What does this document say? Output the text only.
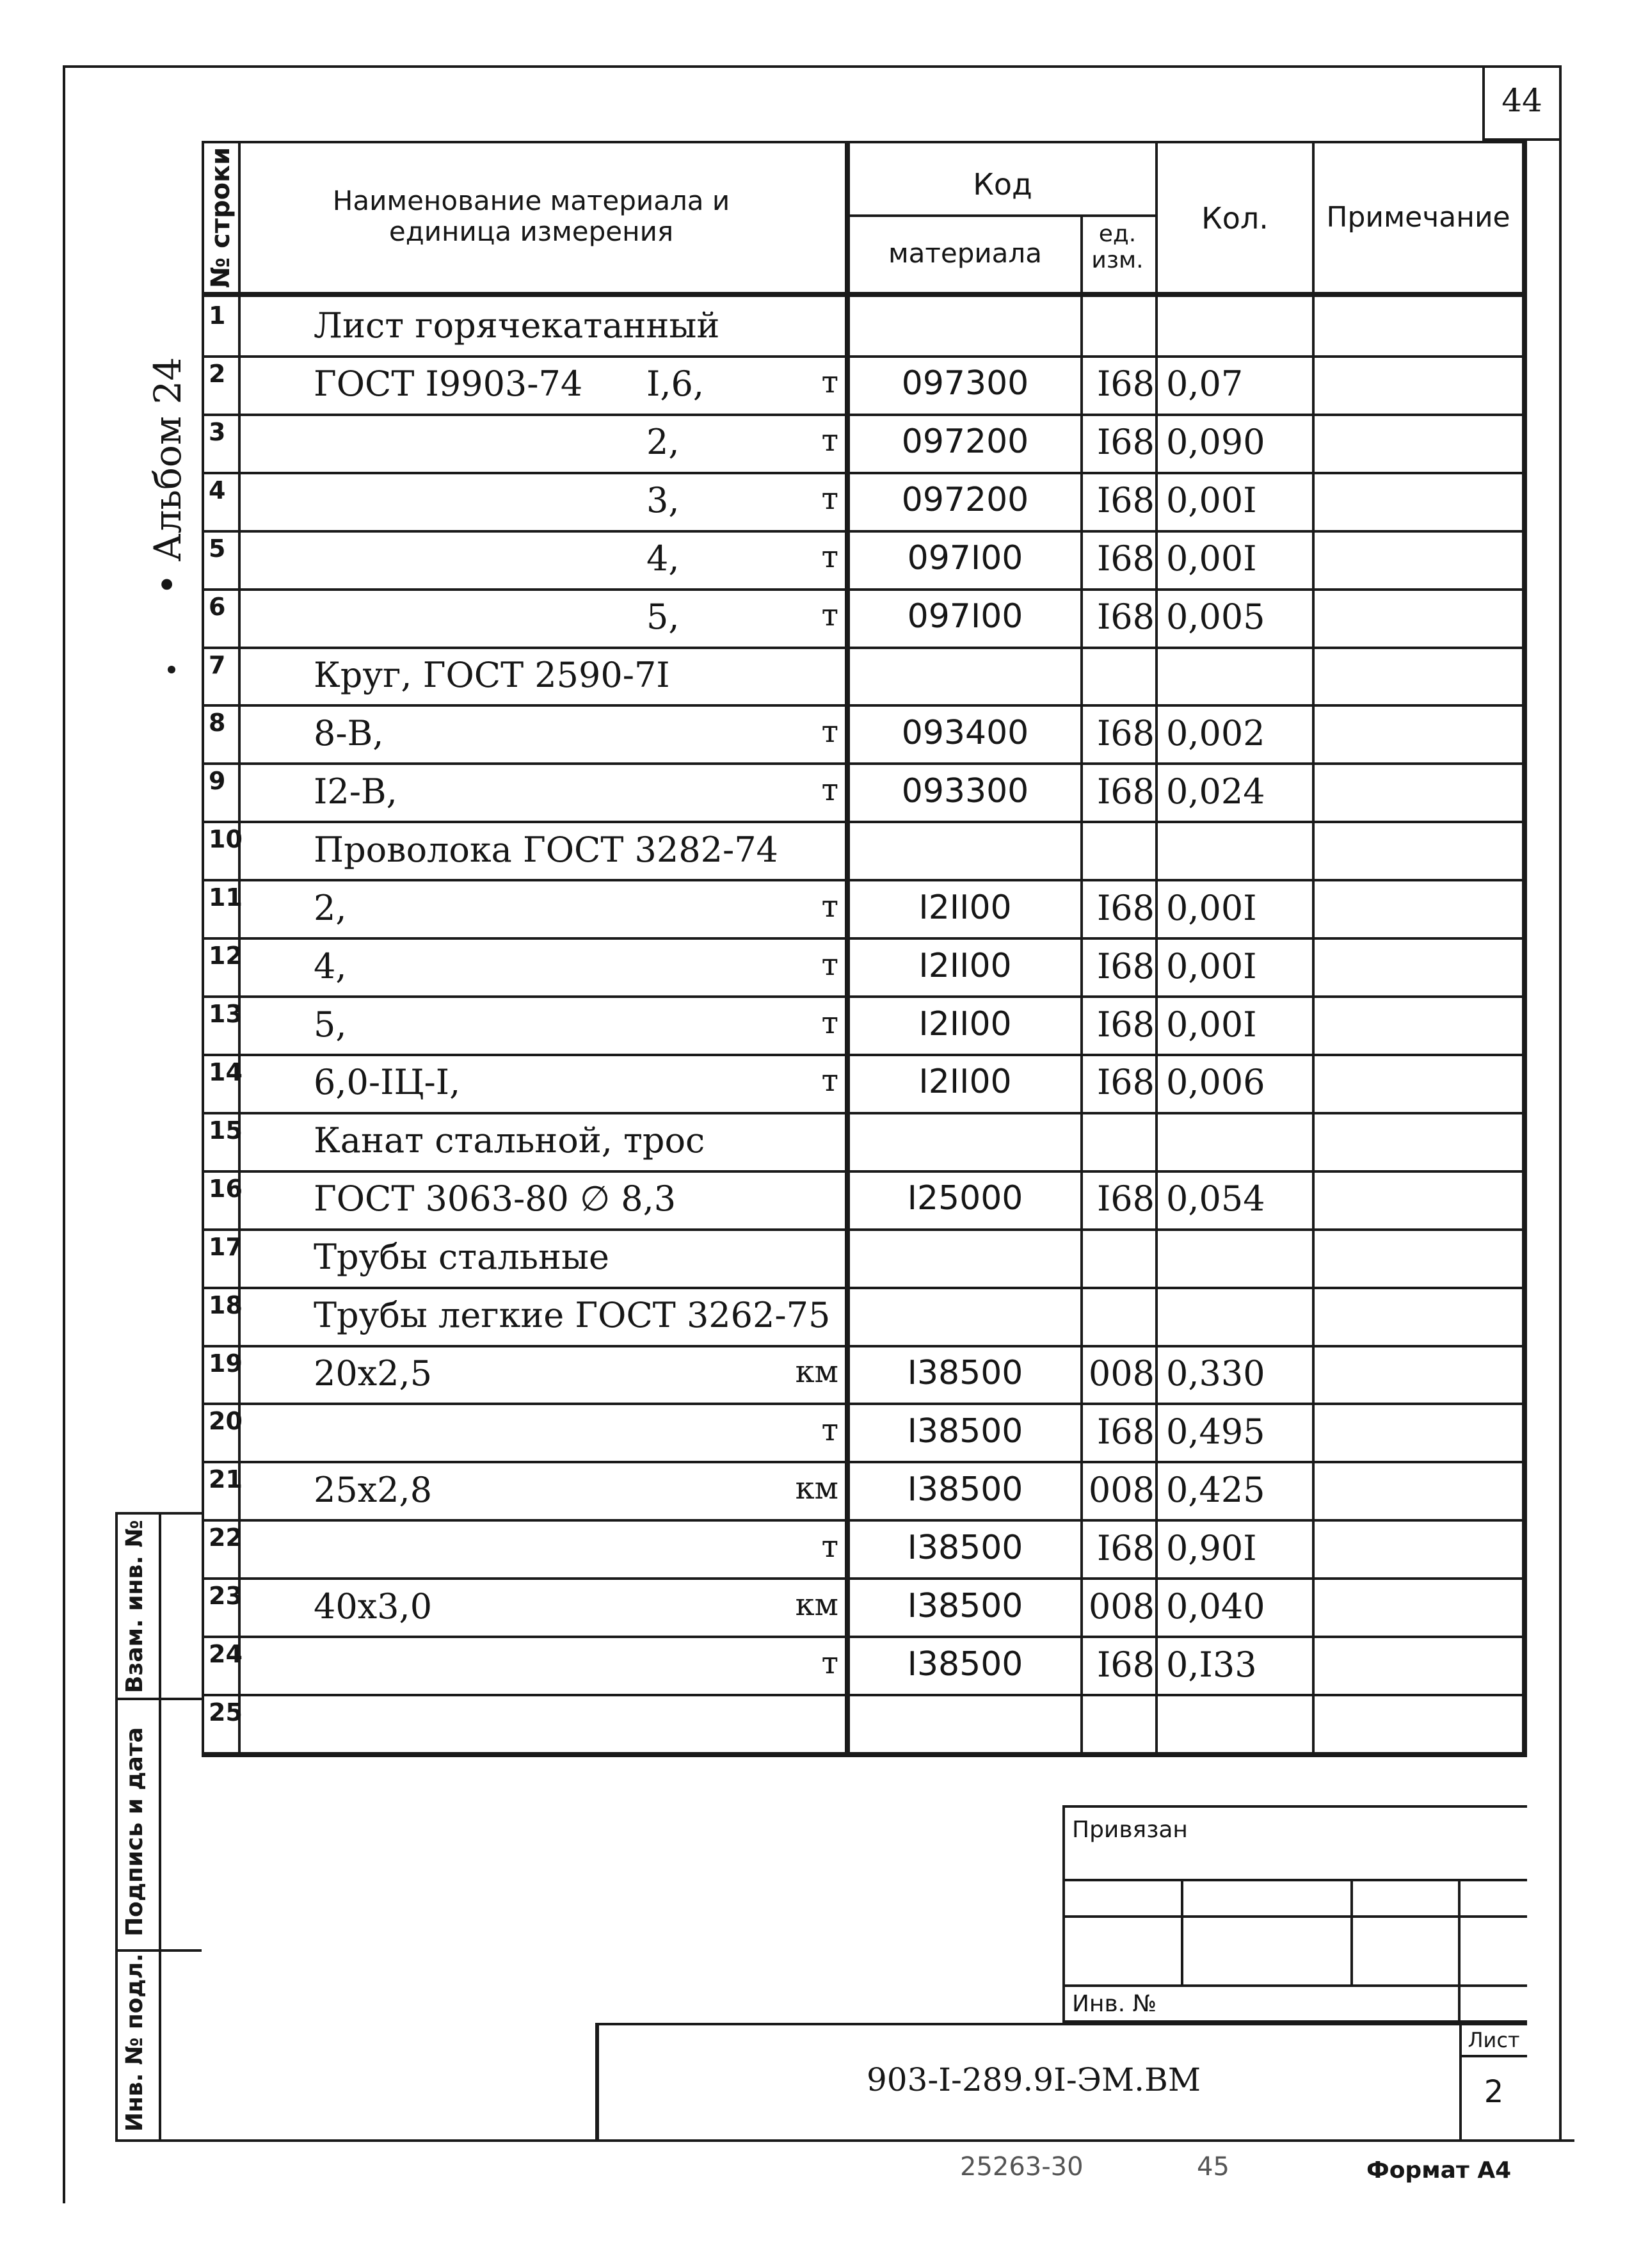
44
• Альбом 24
№ строки	Наименование материала и единица измерения
Код
материала
ед. изм.
Кол.	Примечание
1	Лист горячекатанный
2	ГОСТ I9903-74 I,6,	т	097300	I68 0,07
3	2,	т	097200	I68 0,090
4	3,	т	097200	I68 0,00I
5	4,	т	097I00	I68 0,00I
6	5,	т	097I00	I68 0,005
7	Круг, ГОСТ 2590-7I
8	8-В,	т	093400	I68 0,002
9	I2-В,	т	093300	I68 0,024
10 Проволока ГОСТ 3282-74
11 2,	т	I2II00	I68 0,00I
12 4,	т	I2II00	I68 0,00I
13 5,	т	I2II00	I68 0,00I
14 6,0-IЦ-I,	т	I2II00	I68 0,006
15 Канат стальной, трос
16 ГОСТ 3063-80 ∅ 8,3	I25000	I68 0,054
17 Трубы стальные
18 Трубы легкие ГОСТ 3262-75
19 20x2,5	км	I38500	008 0,330
20	т	I38500	I68 0,495
21 25x2,8	км	I38500	008 0,425
22	т	I38500	I68 0,90I
23 40x3,0	км	I38500	008 0,040
24	т	I38500	I68 0,I33
25
Взам. инв. №
Подпись и дата
Инв. № подл.
Привязан
Инв. №
903-I-289.9I-ЭМ.ВМ
Лист
2
25263-30	45	Формат А4
